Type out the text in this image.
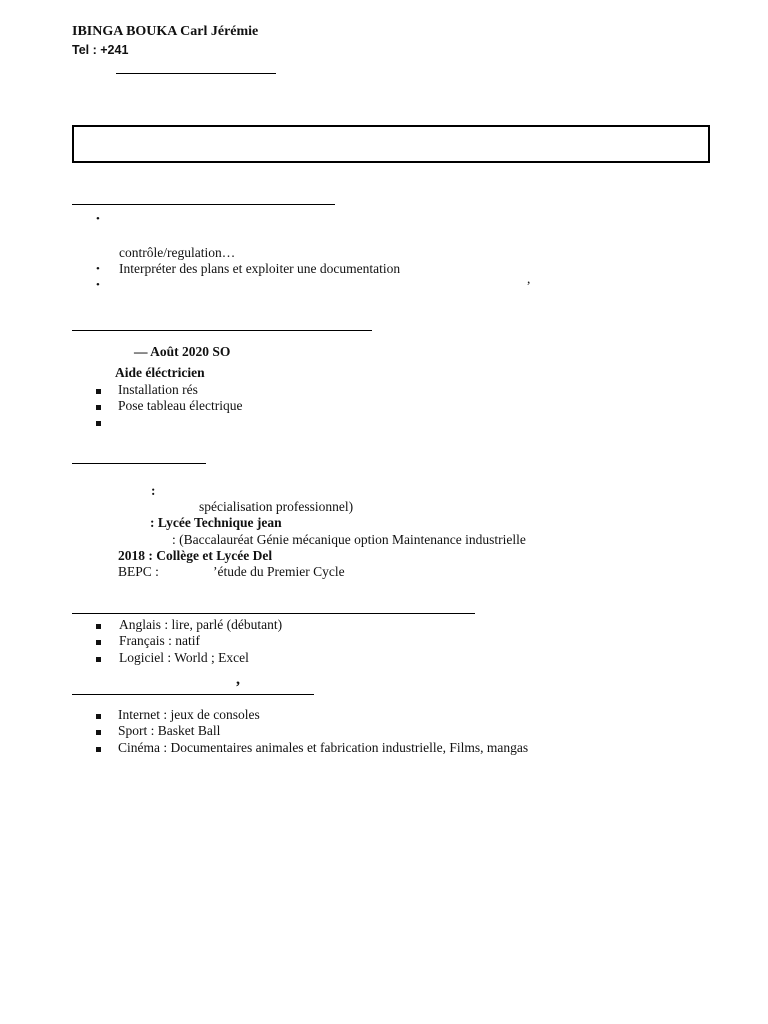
IBINGA BOUKA Carl Jérémie
Tel : +241
•
contrôle/regulation…
• Interpréter des plans et exploiter une documentation
•	,
— Août 2020 SO
Aide éléctricien
Installation rés
Pose tableau électrique
:
spécialisation professionnel)
: Lycée Technique jean
: (Baccalauréat Génie mécanique option Maintenance industrielle
2018 : Collège et Lycée Del
BEPC :	’étude du Premier Cycle
Anglais : lire, parlé (débutant)
Français : natif
Logiciel : World ; Excel
,
Internet : jeux de consoles
Sport : Basket Ball
Cinéma : Documentaires animales et fabrication industrielle, Films, mangas
